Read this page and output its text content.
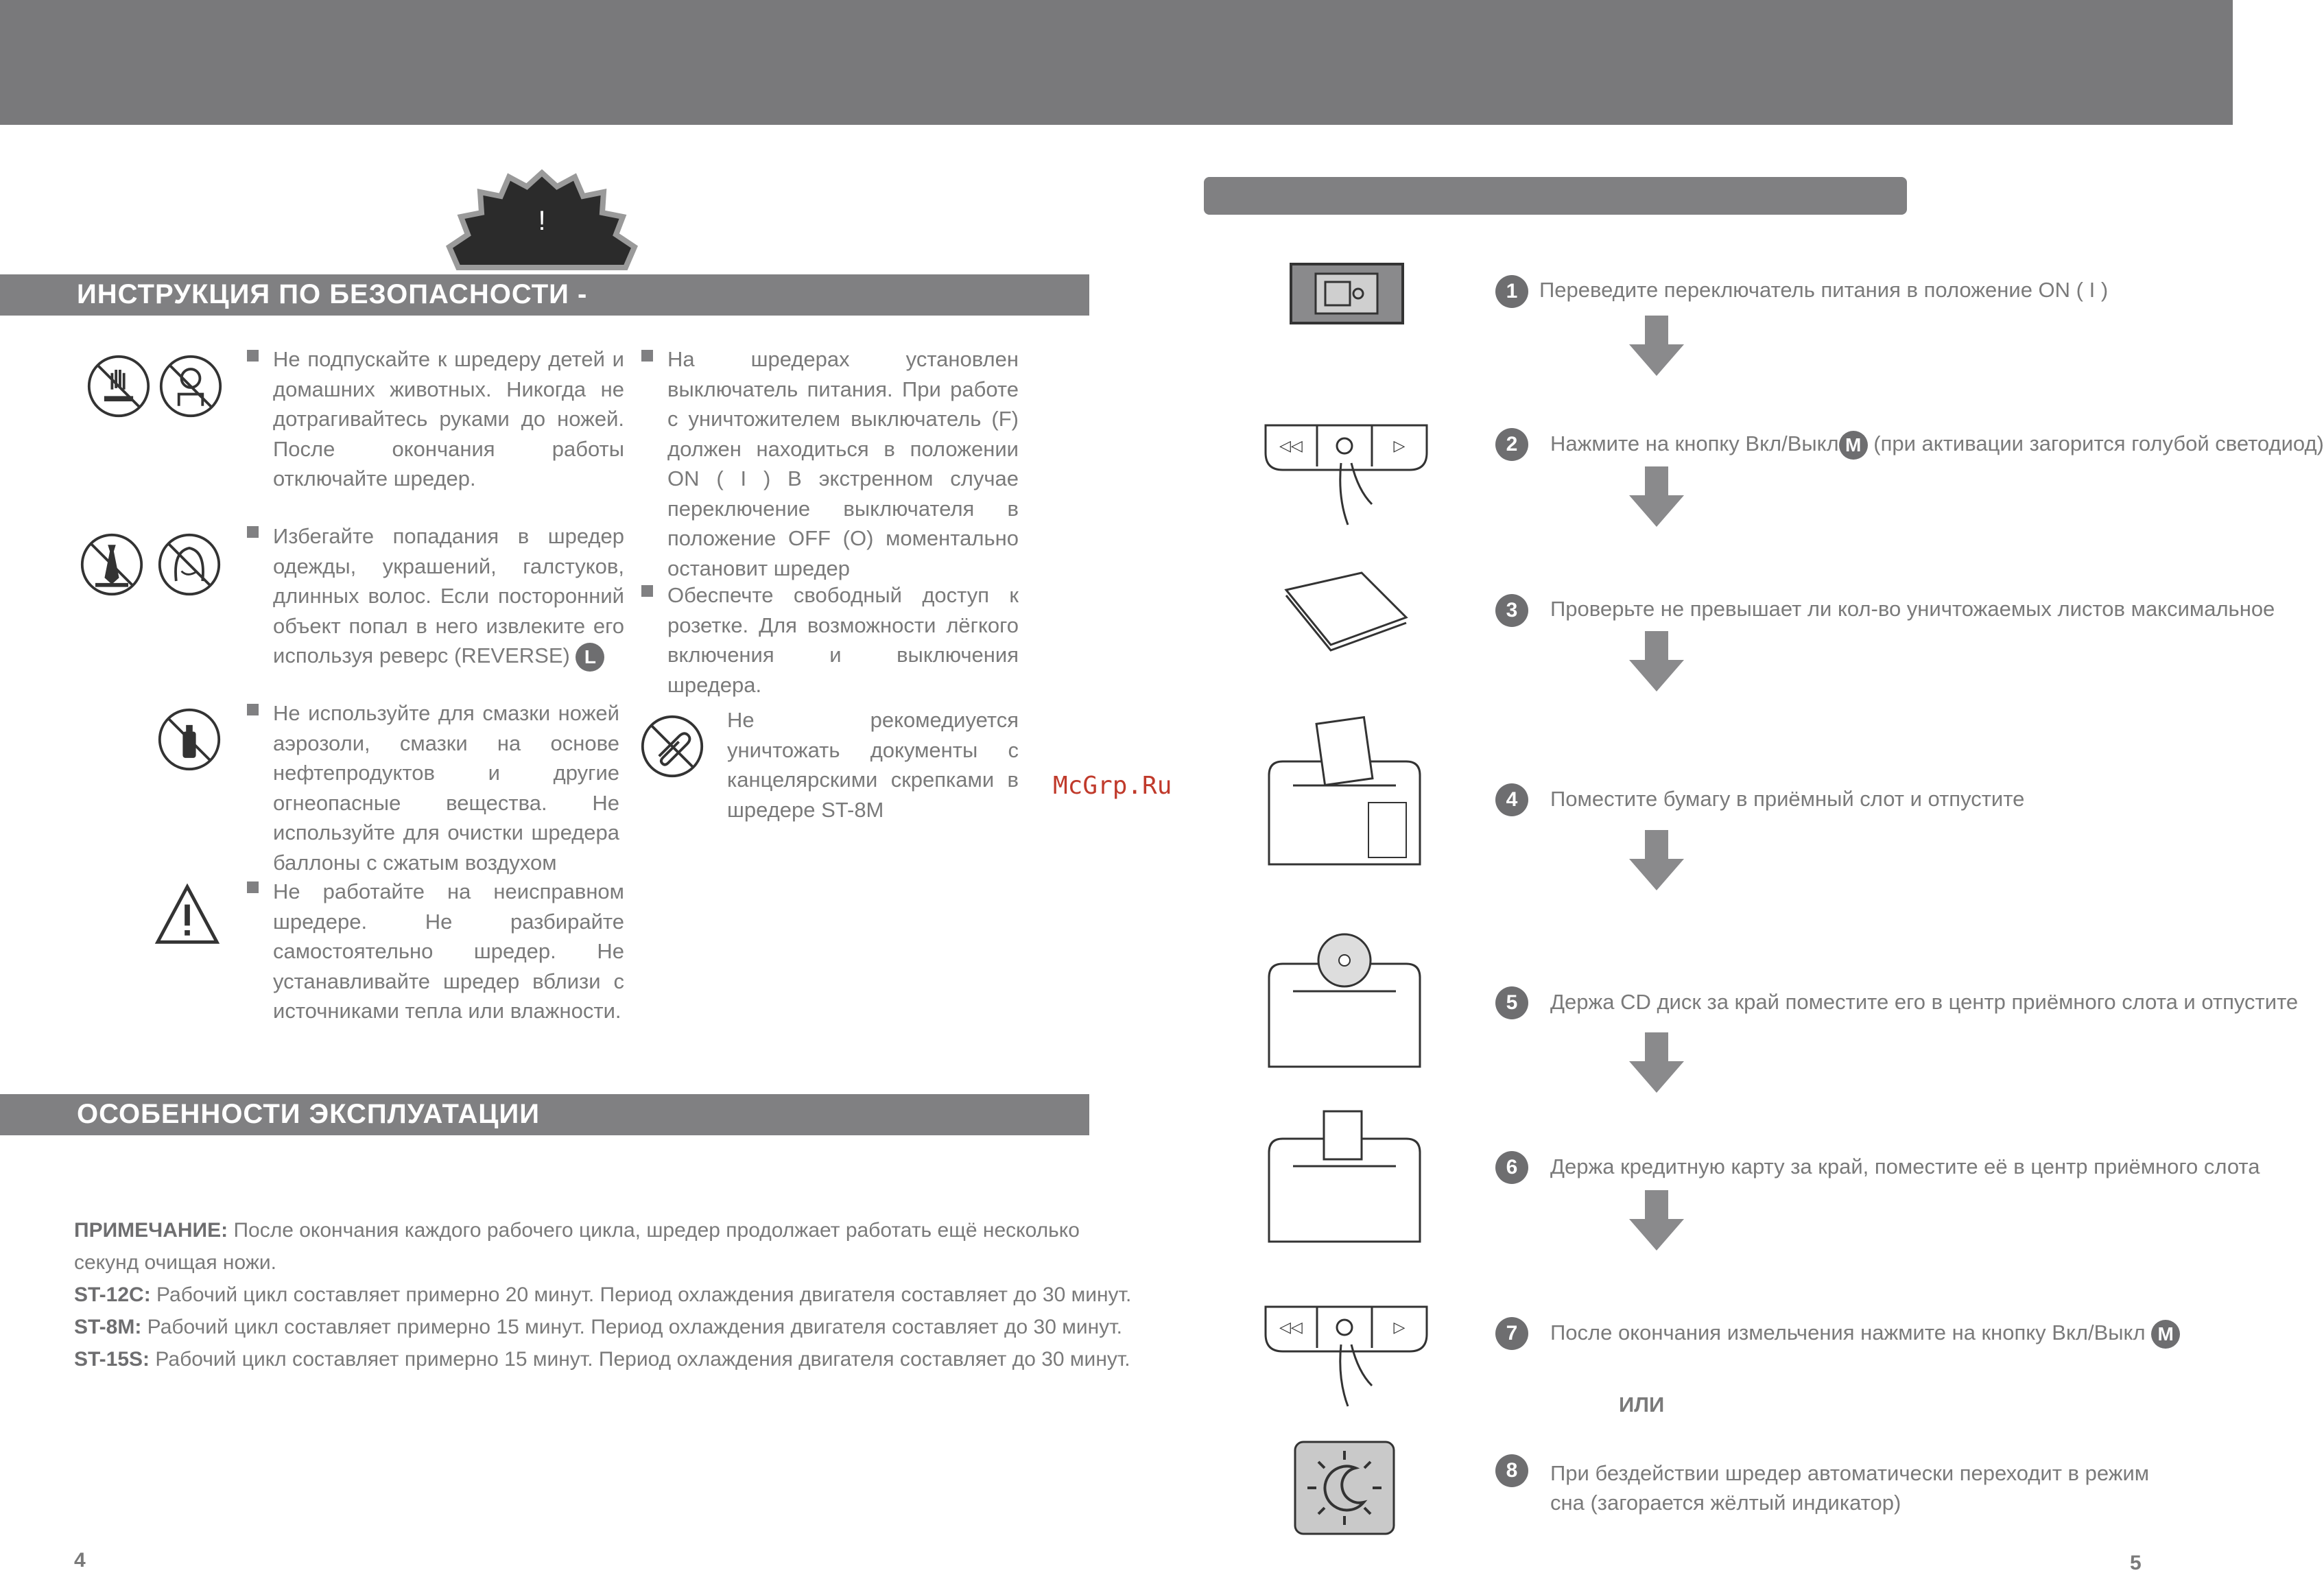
!
ИНСТРУКЦИЯ ПО БЕЗОПАСНОСТИ -
Не подпускайте к шредеру детей и домашних животных. Никогда не дотрагивайтесь руками до ножей. После окончания работы отключайте шредер.
Избегайте попадания в шредер одежды, украшений, галстуков, длинных волос. Если посторонний объект попал в него извлеките его используя реверс (REVERSE) L
Не используйте для смазки ножей аэрозоли, смазки на основе нефтепродуктов и другие огнеопасные вещества. Не используйте для очистки шредера баллоны с сжатым воздухом
Не работайте на неисправном шредере. Не разбирайте самостоятельно шредер. Не устанавливайте шредер вблизи с источниками тепла или влажности.
На шредерах установлен выключатель питания. При работе с уничтожителем выключатель (F) должен находиться в положении ON ( I ) В экстренном случае переключение выключателя в положение OFF (O) моментально остановит шредер
Обеспечте свободный доступ к розетке. Для возможности лёгкого включения и выключения шредера.
Не рекомедиуется уничтожать документы с канцелярскими скрепками в шредере ST-8M
McGrp.Ru
ОСОБЕННОСТИ ЭКСПЛУАТАЦИИ
ПРИМЕЧАНИЕ: После окончания каждого рабочего цикла, шредер продолжает работать ещё несколько
секунд очищая ножи.
ST-12C: Рабочий цикл составляет примерно 20 минут. Период охлаждения двигателя составляет до 30 минут.
ST-8M: Рабочий цикл составляет примерно 15 минут. Период охлаждения двигателя составляет до 30 минут.
ST-15S: Рабочий цикл составляет примерно 15 минут. Период охлаждения двигателя составляет до 30 минут.
4
◁◁	▷
◁◁	▷
1	Переведите переключатель питания в положение ON ( I )
2	Нажмите на кнопку Вкл/Выкл M (при активации загорится голубой светодиод)
3	Проверьте не превышает ли кол-во уничтожаемых листов максимальное
4	Поместите бумагу в приёмный слот и отпустите
5	Держа CD диск за край поместите его в центр приёмного слота и отпустите
6	Держа кредитную карту за край, поместите её в центр приёмного слота
7	После окончания измельчения нажмите на кнопку Вкл/Выкл M
ИЛИ
8	При бездействии шредер автоматически переходит в режим
сна (загорается жёлтый индикатор)
5
